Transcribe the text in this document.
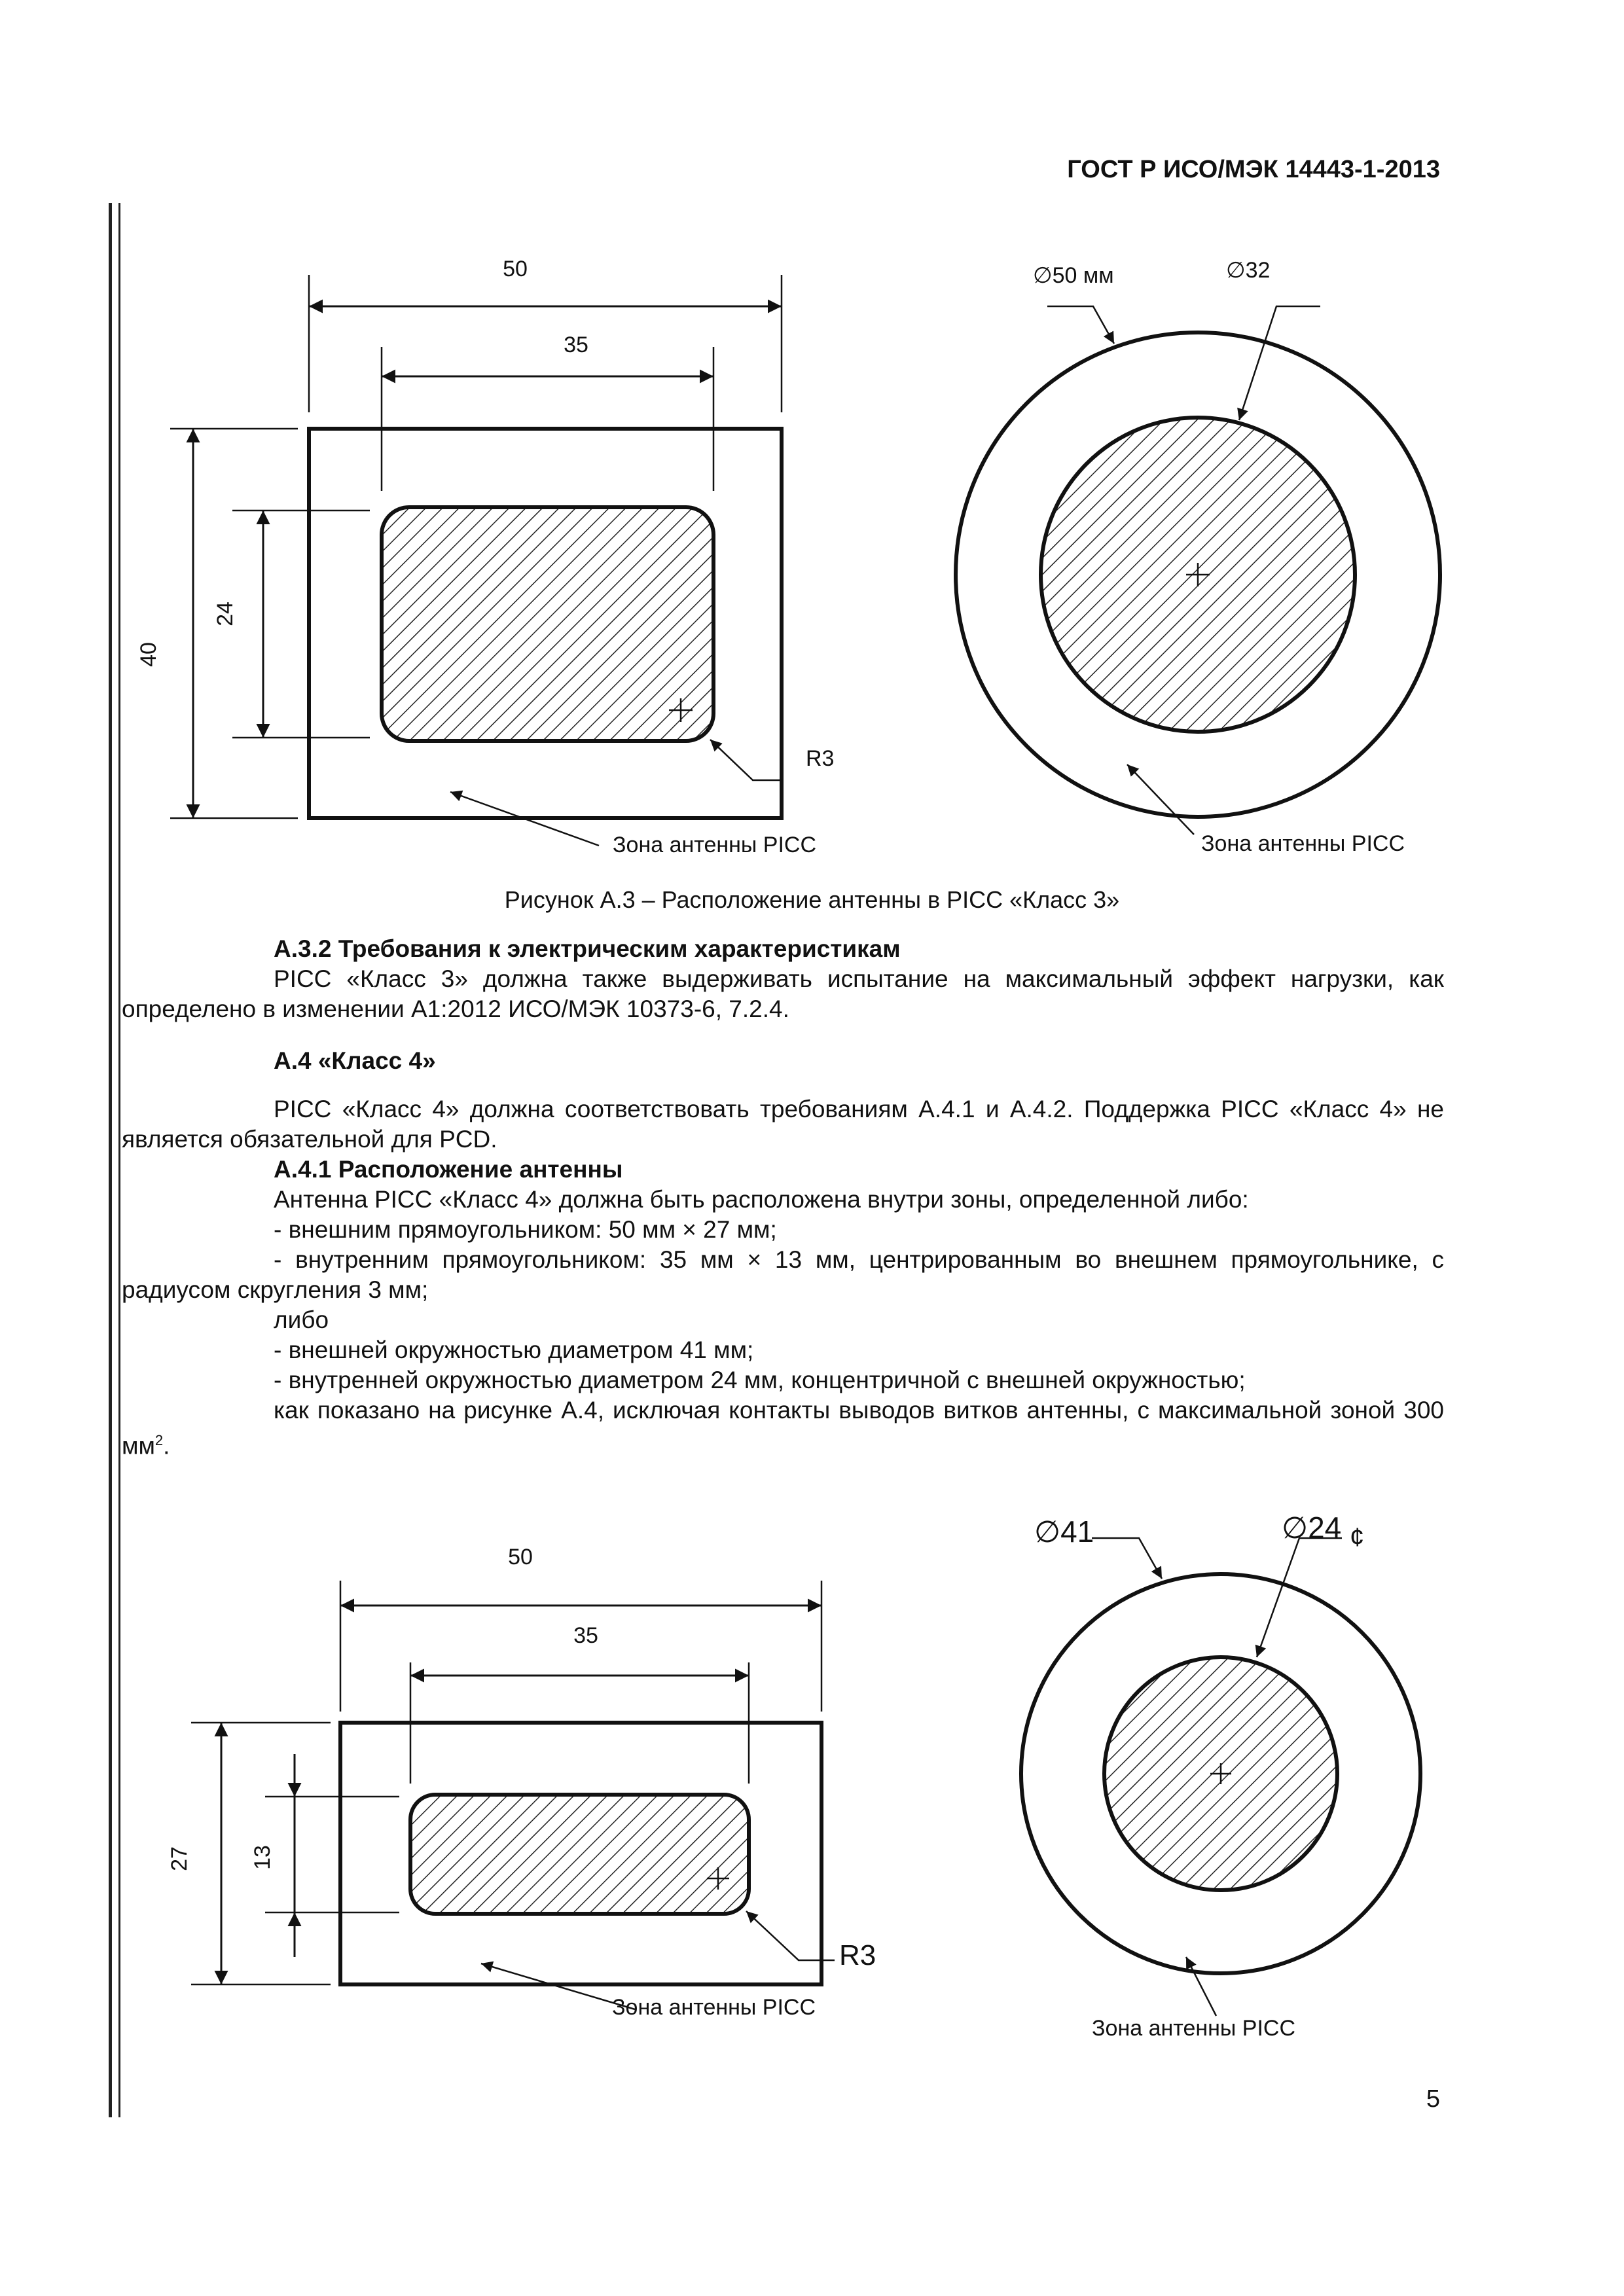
ГОСТ Р ИСО/МЭК 14443-1-2013
50
35
40
24
R3
Зона антенны PICC
∅50 мм	∅32
Зона антенны PICC
Рисунок А.3 – Расположение антенны в PICC «Класс 3»

А.3.2 Требования к электрическим характеристикам

PICC «Класс 3» должна также выдерживать испытание на максимальный эффект нагрузки, как определено в изменении А1:2012 ИСО/МЭК 10373-6, 7.2.4.

А.4 «Класс 4»

PICC «Класс 4» должна соответствовать требованиям А.4.1 и А.4.2. Поддержка PICC «Класс 4» не является обязательной для PCD.

А.4.1 Расположение антенны

Антенна PICC «Класс 4» должна быть расположена внутри зоны, определенной либо:

- внешним прямоугольником: 50 мм × 27 мм;

- внутренним прямоугольником: 35 мм × 13 мм, центрированным во внешнем прямоугольнике, с радиусом скругления 3 мм;

либо

- внешней окружностью диаметром 41 мм;

- внутренней окружностью диаметром 24 мм, концентричной с внешней окружностью;

как показано на рисунке А.4, исключая контакты выводов витков антенны, с максимальной зоной 300 $мм^2$.

50
35
27	13
R3
Зона антенны PICC
∅41	∅24 ¢
Зона антенны PICC
5
